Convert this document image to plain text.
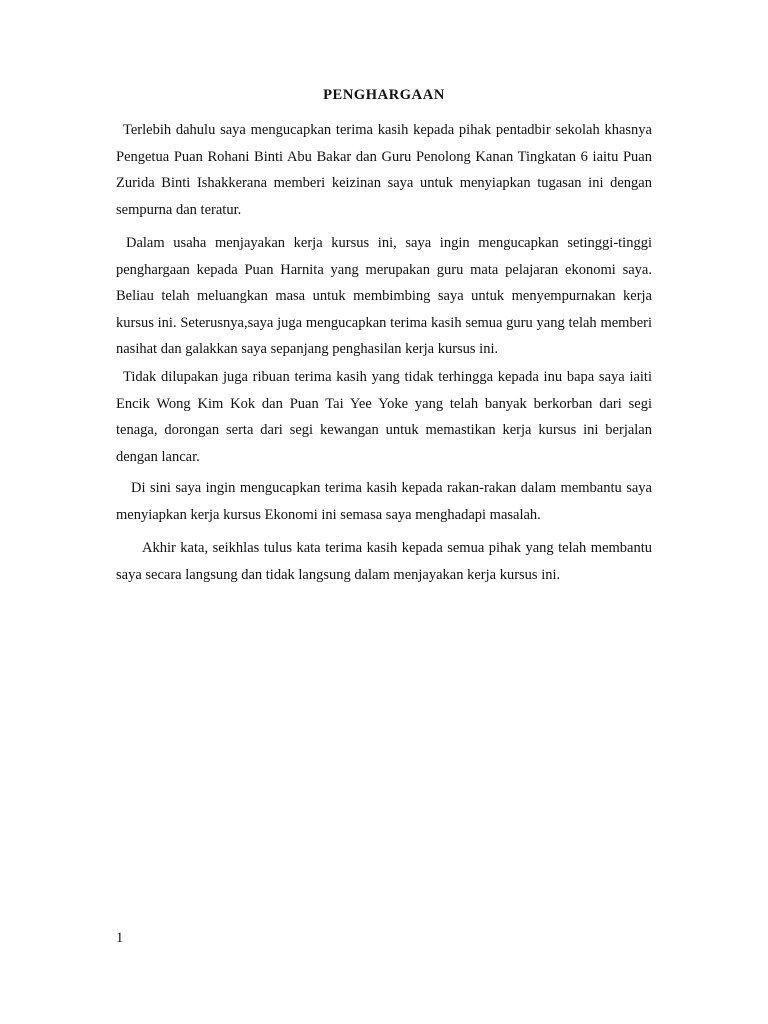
PENGHARGAAN

Terlebih dahulu saya mengucapkan terima kasih kepada pihak pentadbir sekolah khasnya Pengetua Puan Rohani Binti Abu Bakar dan Guru Penolong Kanan Tingkatan 6 iaitu Puan Zurida Binti Ishakkerana memberi keizinan saya untuk menyiapkan tugasan ini dengan sempurna dan teratur.

Dalam usaha menjayakan kerja kursus ini, saya ingin mengucapkan setinggi-tinggi penghargaan kepada Puan Harnita yang merupakan guru mata pelajaran ekonomi saya. Beliau telah meluangkan masa untuk membimbing saya untuk menyempurnakan kerja kursus ini. Seterusnya,saya juga mengucapkan terima kasih semua guru yang telah memberi nasihat dan galakkan saya sepanjang penghasilan kerja kursus ini.

Tidak dilupakan juga ribuan terima kasih yang tidak terhingga kepada inu bapa saya iaiti Encik Wong Kim Kok dan Puan Tai Yee Yoke yang telah banyak berkorban dari segi tenaga, dorongan serta dari segi kewangan untuk memastikan kerja kursus ini berjalan dengan lancar.

Di sini saya ingin mengucapkan terima kasih kepada rakan-rakan dalam membantu saya menyiapkan kerja kursus Ekonomi ini semasa saya menghadapi masalah.

Akhir kata, seikhlas tulus kata terima kasih kepada semua pihak yang telah membantu saya secara langsung dan tidak langsung dalam menjayakan kerja kursus ini.

1
